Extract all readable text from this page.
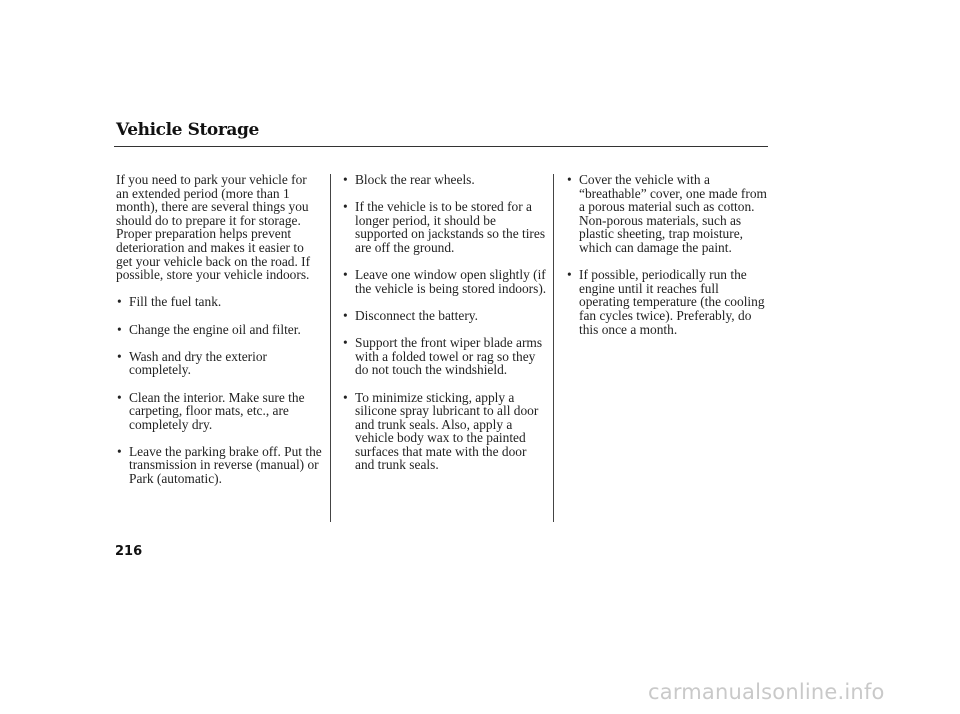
Vehicle Storage

If you need to park your vehicle for an extended period (more than 1 month), there are several things you should do to prepare it for storage. Proper preparation helps prevent deterioration and makes it easier to get your vehicle back on the road. If possible, store your vehicle indoors.

• Fill the fuel tank.
• Change the engine oil and filter.
• Wash and dry the exterior completely.
• Clean the interior. Make sure the carpeting, floor mats, etc., are completely dry.
• Leave the parking brake off. Put the transmission in reverse (manual) or Park (automatic).
• Block the rear wheels.
• If the vehicle is to be stored for a longer period, it should be supported on jackstands so the tires are off the ground.
• Leave one window open slightly (if the vehicle is being stored indoors).
• Disconnect the battery.
• Support the front wiper blade arms with a folded towel or rag so they do not touch the windshield.
• To minimize sticking, apply a silicone spray lubricant to all door and trunk seals. Also, apply a vehicle body wax to the painted surfaces that mate with the door and trunk seals.
• Cover the vehicle with a “breathable” cover, one made from a porous material such as cotton. Non-porous materials, such as plastic sheeting, trap moisture, which can damage the paint.
• If possible, periodically run the engine until it reaches full operating temperature (the cooling fan cycles twice). Preferably, do this once a month.
216
carmanualsonline.info
